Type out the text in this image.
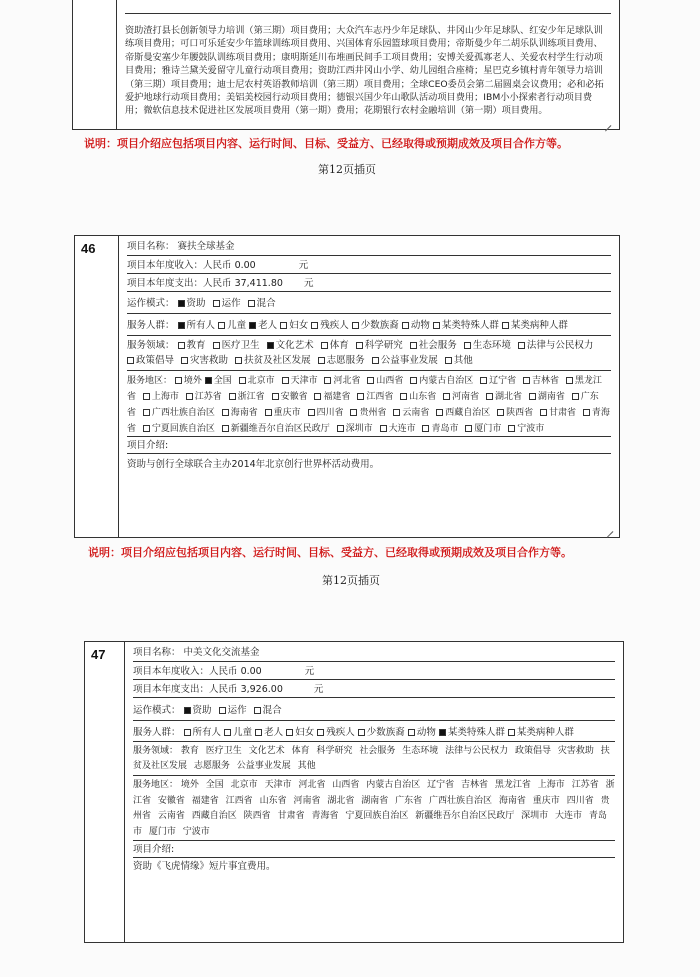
资助渣打县长创新领导力培训（第三期）项目费用；大众汽车志丹少年足球队、井冈山少年足球队、红安少年足球队训练项目费用；可口可乐延安少年篮球训练项目费用、兴国体育乐园篮球项目费用；帝斯曼少年二胡乐队训练项目费用、帝斯曼安塞少年腰鼓队训练项目费用；康明斯延川布堆画民间手工项目费用；安博关爱孤寡老人、关爱农村学生行动项目费用；雅诗兰黛关爱留守儿童行动项目费用；资助江西井冈山小学、幼儿园组合座椅；星巴克乡镇村青年领导力培训（第三期）项目费用；迪士尼农村英语教师培训（第三期）项目费用；全球CEO委员会第二届圆桌会议费用；必和必拓爱护地球行动项目费用；美铝美校园行动项目费用；德银兴国少年山歌队活动项目费用；IBM小小探索者行动项目费用；微软信息技术促进社区发展项目费用（第一期）费用；花期银行农村金融培训（第一期）项目费用。
说明：项目介绍应包括项目内容、运行时间、目标、受益方、已经取得或预期成效及项目合作方等。
第12页插页
46	项目名称： 赛扶全球基金
项目本年度收入：人民币 0.00	元
项目本年度支出：人民币 37,411.80 元
运作模式： 资助 运作 混合
服务人群： 所有人 儿童 老人 妇女 残疾人 少数族裔 动物 某类特殊人群 某类病种人群
服务领域： 教育 医疗卫生 文化艺术 体育 科学研究 社会服务 生态环境 法律与公民权力
政策倡导 灾害救助 扶贫及社区发展 志愿服务 公益事业发展 其他
服务地区： 境外 全国 北京市 天津市 河北省 山西省 内蒙古自治区 辽宁省 吉林省 黑龙江省 上海市 江苏省 浙江省 安徽省 福建省 江西省 山东省 河南省 湖北省 湖南省 广东省 广西壮族自治区 海南省 重庆市 四川省 贵州省 云南省 西藏自治区 陕西省 甘肃省 青海省 宁夏回族自治区 新疆维吾尔自治区民政厅 深圳市 大连市 青岛市 厦门市 宁波市
项目介绍:
资助与创行全球联合主办2014年北京创行世界杯活动费用。
说明：项目介绍应包括项目内容、运行时间、目标、受益方、已经取得或预期成效及项目合作方等。
第12页插页
47	项目名称： 中美文化交流基金
项目本年度收入：人民币 0.00	元
项目本年度支出：人民币 3,926.00	元
运作模式： 资助 运作 混合
服务人群： 所有人 儿童 老人 妇女 残疾人 少数族裔 动物 某类特殊人群 某类病种人群
服务领域： 教育 医疗卫生 文化艺术 体育 科学研究 社会服务 生态环境 法律与公民权力 政策倡导 灾害救助 扶贫及社区发展 志愿服务 公益事业发展 其他
服务地区： 境外 全国 北京市 天津市 河北省 山西省 内蒙古自治区 辽宁省 吉林省 黑龙江省 上海市 江苏省 浙江省 安徽省 福建省 江西省 山东省 河南省 湖北省 湖南省 广东省 广西壮族自治区 海南省 重庆市 四川省 贵州省 云南省 西藏自治区 陕西省 甘肃省 青海省 宁夏回族自治区 新疆维吾尔自治区民政厅 深圳市 大连市 青岛市 厦门市 宁波市
项目介绍:
资助《飞虎情缘》短片事宜费用。
